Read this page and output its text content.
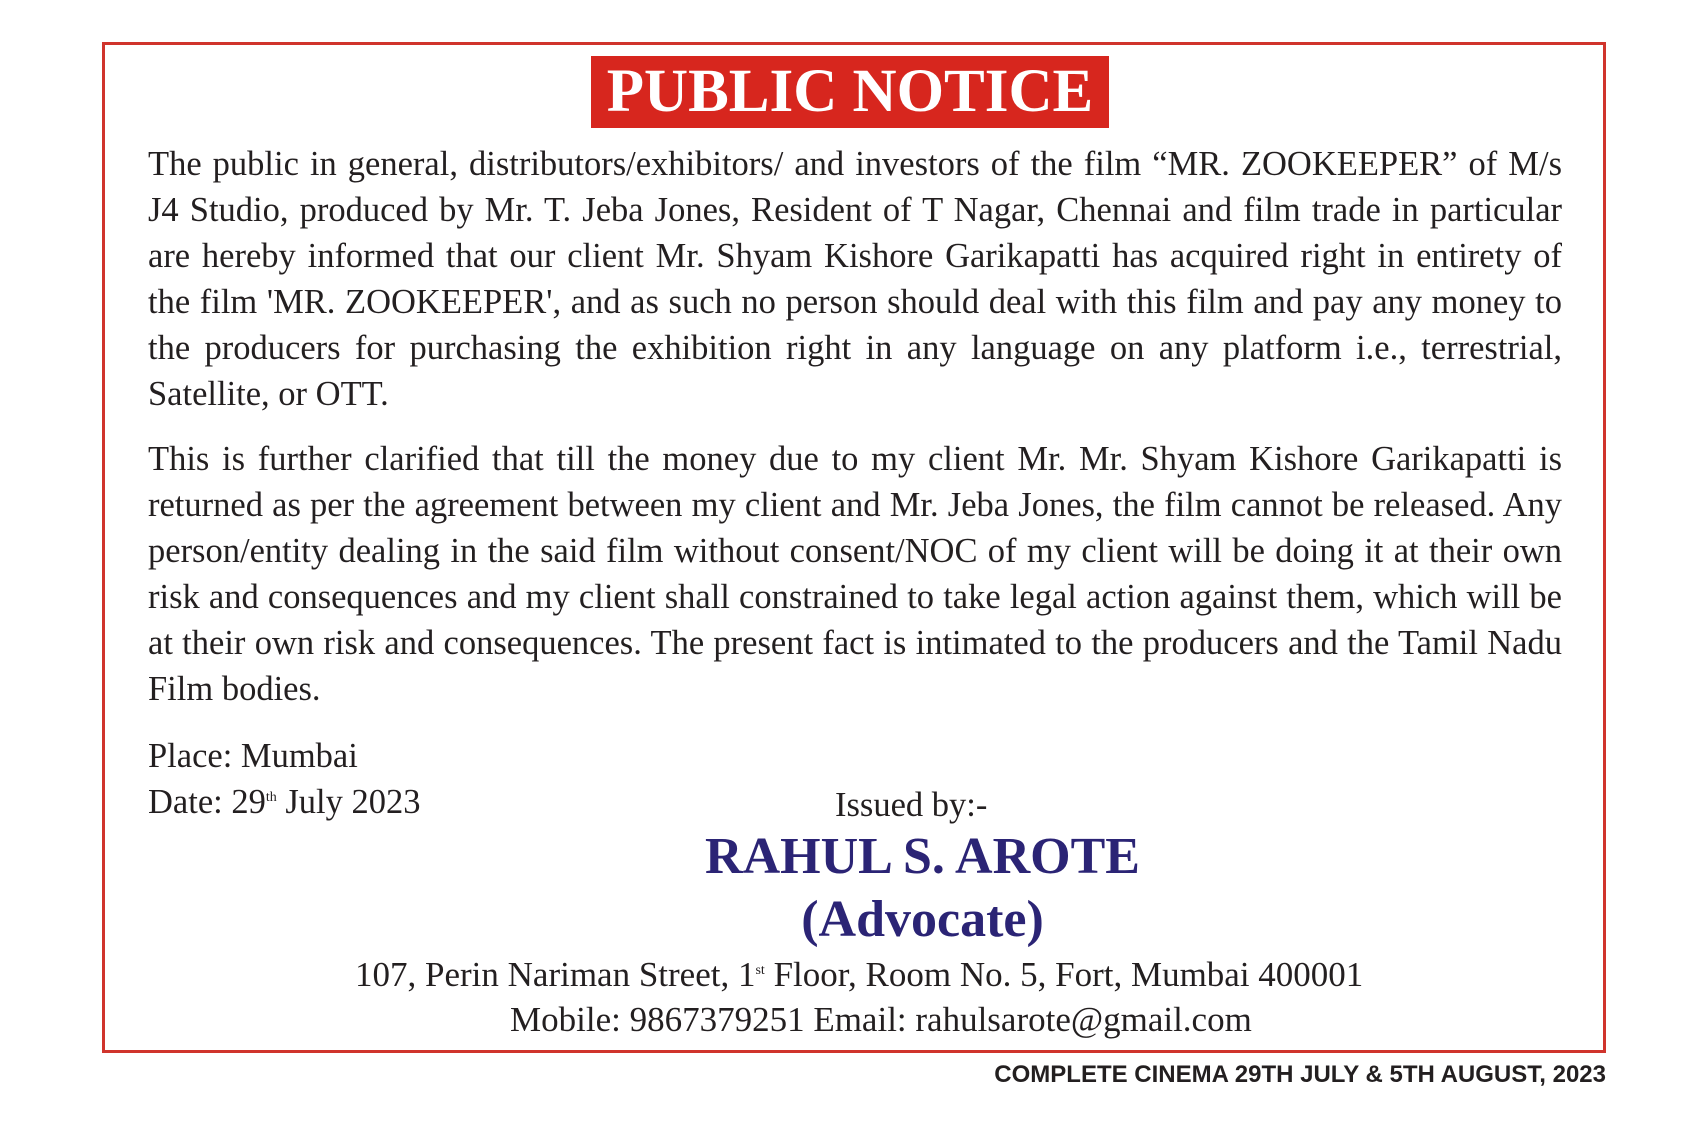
PUBLIC NOTICE

The public in general, distributors/exhibitors/ and investors of the film “MR. ZOOKEEPER” of M/s J4 Studio, produced by Mr. T. Jeba Jones, Resident of T Nagar, Chennai and film trade in particular are hereby informed that our client Mr. Shyam Kishore Garikapatti has acquired right in entirety of the film 'MR. ZOOKEEPER', and as such no person should deal with this film and pay any money to the producers for purchasing the exhibition right in any language on any platform i.e., terrestrial, Satellite, or OTT.

This is further clarified that till the money due to my client Mr. Mr. Shyam Kishore Garikapatti is returned as per the agreement between my client and Mr. Jeba Jones, the film cannot be released. Any person/entity dealing in the said film without consent/NOC of my client will be doing it at their own risk and consequences and my client shall constrained to take legal action against them, which will be at their own risk and consequences. The present fact is intimated to the producers and the Tamil Nadu Film bodies.

Place: Mumbai
Date: 29th July 2023	Issued by:-
RAHUL S. AROTE
(Advocate)
107, Perin Nariman Street, 1st Floor, Room No. 5, Fort, Mumbai 400001
Mobile: 9867379251 Email: rahulsarote@gmail.com
COMPLETE CINEMA 29TH JULY & 5TH AUGUST, 2023
